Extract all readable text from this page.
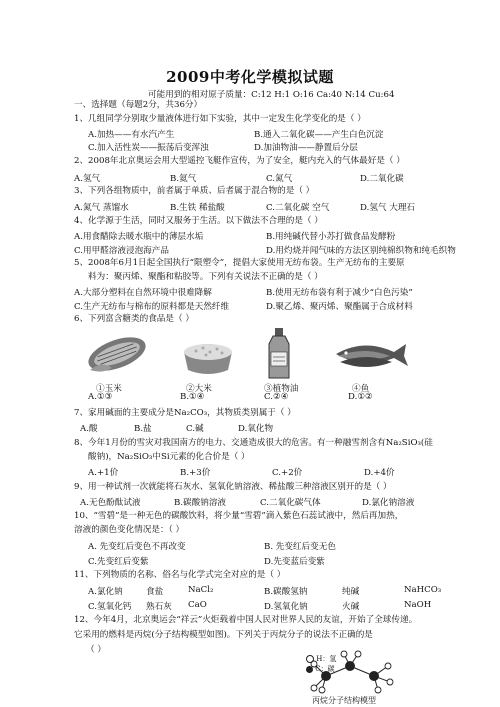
2009中考化学模拟试题
可能用到的相对原子质量：C:12 H:1 O:16 Ca:40 N:14 Cu:64
一、选择题（每题2分，共36分）
1、几组同学分别取少量液体进行如下实验，其中一定发生化学变化的是（ ）
A.加热——有水汽产生	B.通入二氧化碳——产生白色沉淀
C.加入活性炭——振荡后变浑浊	D.加油物油——静置后分层
2、2008年北京奥运会用大型遥控飞艇作宣传，为了安全，艇内充入的气体最好是（ ）
A.氢气	B.氦气	C.氮气	D.二氧化碳
3、下列各组物质中，前者属于单质、后者属于混合物的是（ ）
A.氮气 蒸馏水	B.生铁 稀盐酸	C.二氧化碳 空气	D.氢气 大理石
4、化学源于生活，同时又服务于生活。以下做法不合理的是（ ）
A.用食醋除去暖水瓶中的薄层水垢	B.用纯碱代替小苏打做食品发酵粉
C.用甲醛溶液浸泡海产品	D.用灼烧并闻气味的方法区别纯棉织物和纯毛织物
5、2008年6月1日起全国执行“限塑令”，提倡大家使用无纺布袋。生产无纺布的主要原
料为：聚丙烯、聚酯和粘胶等。下列有关说法不正确的是（ ）
A.大部分塑料在自然环境中很难降解	B.使用无纺布袋有利于减少“白色污染”
C.生产无纺布与棉布的原料都是天然纤维	D.聚乙烯、聚丙烯、聚酯属于合成材料
6、下列富含糖类的食品是（ ）
①玉米	②大米	③植物油	④鱼
A.①③	B.①④	C.②④	D.①②
7、家用碱面的主要成分是Na₂CO₃，其物质类别属于（ ）
A.酸	B.盐	C.碱	D.氧化物
8、今年1月份的雪灾对我国南方的电力、交通造成很大的危害。有一种融雪剂含有Na₂SiO₃(硅
酸钠)，Na₂SiO₃中Si元素的化合价是（ ）
A.+1价	B.+3价	C.+2价	D.+4价
9、用一种试剂一次就能将石灰水、氢氧化钠溶液、稀盐酸三种溶液区别开的是（ ）
A.无色酚酞试液	B.碳酸钠溶液	C.二氧化碳气体	D.氯化钠溶液
10、“雪碧”是一种无色的碳酸饮料，将少量“雪碧”滴入紫色石蕊试液中，然后再加热，
溶液的颜色变化情况是：（ ）
A. 先变红后变色不再改变	B. 先变红后变无色
C.先变红后变紫	D.先变蓝后变紫
11、下列物质的名称、俗名与化学式完全对应的是（ ）
A.氯化钠	食盐	NaCl₂	B.碳酸氢钠	纯碱	NaHCO₃
C.氢氧化钙 熟石灰 CaO	D.氢氧化钠	火碱	NaOH
12、今年4月，北京奥运会“祥云”火炬载着中国人民对世界人民的友谊，开始了全球传递。
它采用的燃料是丙烷(分子结构模型如图)。下列关于丙烷分子的说法不正确的是
（ ）
H：氢
C：碳
丙烷分子结构模型
